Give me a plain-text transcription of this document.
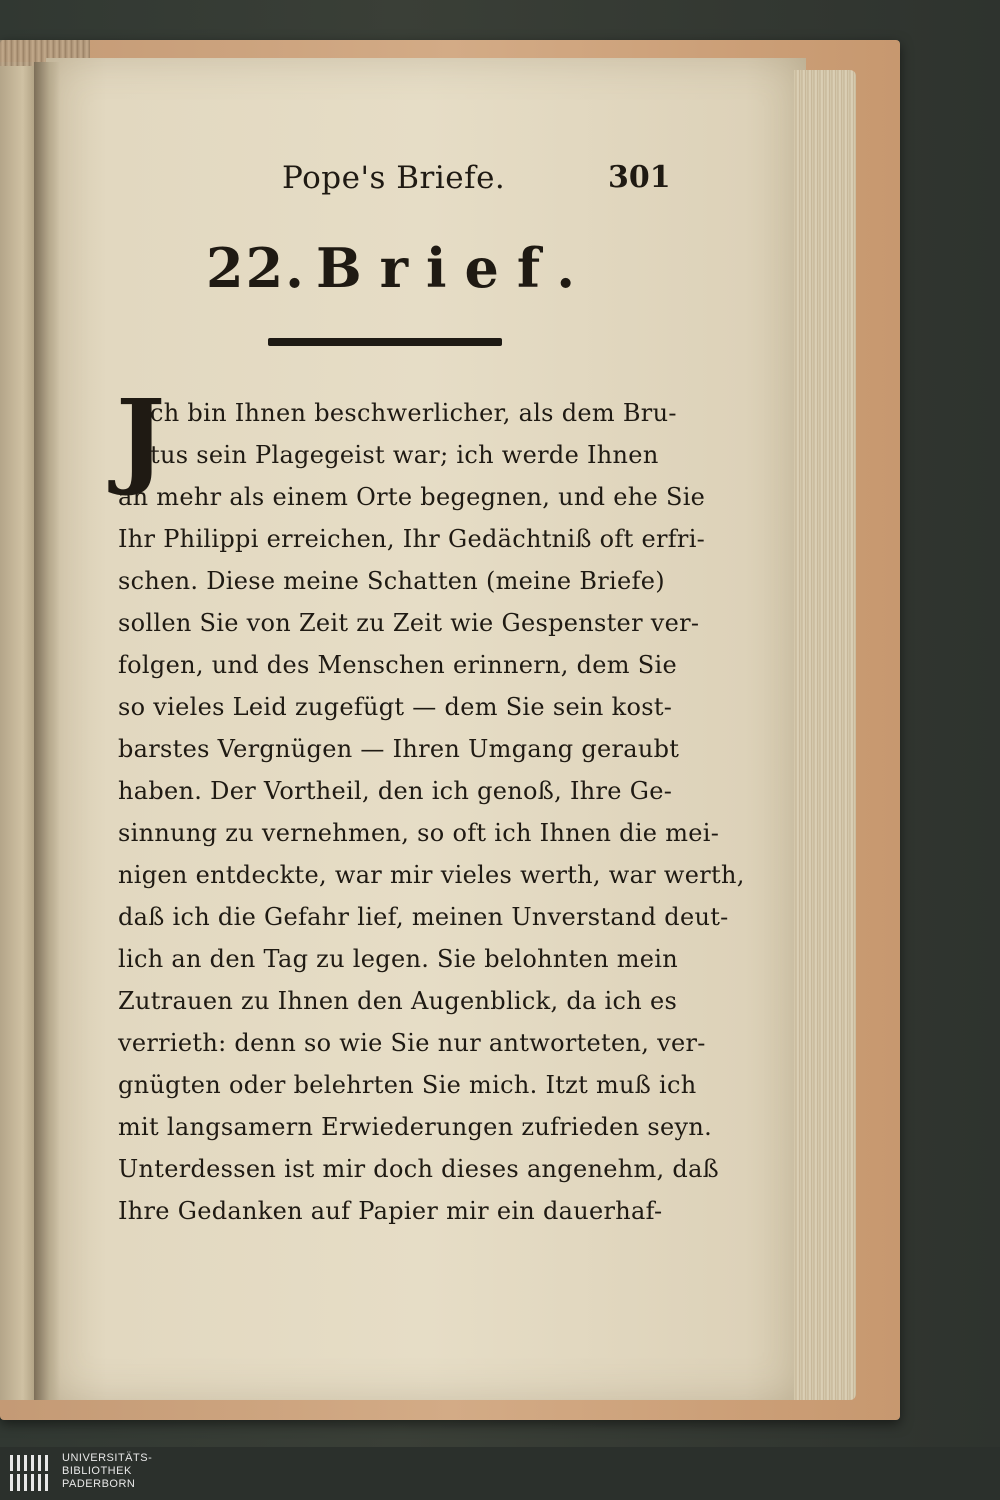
Pope's Briefe.	301
22. Brief.
J
ch bin Ihnen beschwerlicher, als dem Bru-
tus sein Plagegeist war; ich werde Ihnen
an mehr als einem Orte begegnen, und ehe Sie
Ihr Philippi erreichen, Ihr Gedächtniß oft erfri-
schen. Diese meine Schatten (meine Briefe)
sollen Sie von Zeit zu Zeit wie Gespenster ver-
folgen, und des Menschen erinnern, dem Sie
so vieles Leid zugefügt — dem Sie sein kost-
barstes Vergnügen — Ihren Umgang geraubt
haben. Der Vortheil, den ich genoß, Ihre Ge-
sinnung zu vernehmen, so oft ich Ihnen die mei-
nigen entdeckte, war mir vieles werth, war werth,
daß ich die Gefahr lief, meinen Unverstand deut-
lich an den Tag zu legen. Sie belohnten mein
Zutrauen zu Ihnen den Augenblick, da ich es
verrieth: denn so wie Sie nur antworteten, ver-
gnügten oder belehrten Sie mich. Itzt muß ich
mit langsamern Erwiederungen zufrieden seyn.
Unterdessen ist mir doch dieses angenehm, daß
Ihre Gedanken auf Papier mir ein dauerhaf-
UNIVERSITÄTS-
BIBLIOTHEK
PADERBORN
